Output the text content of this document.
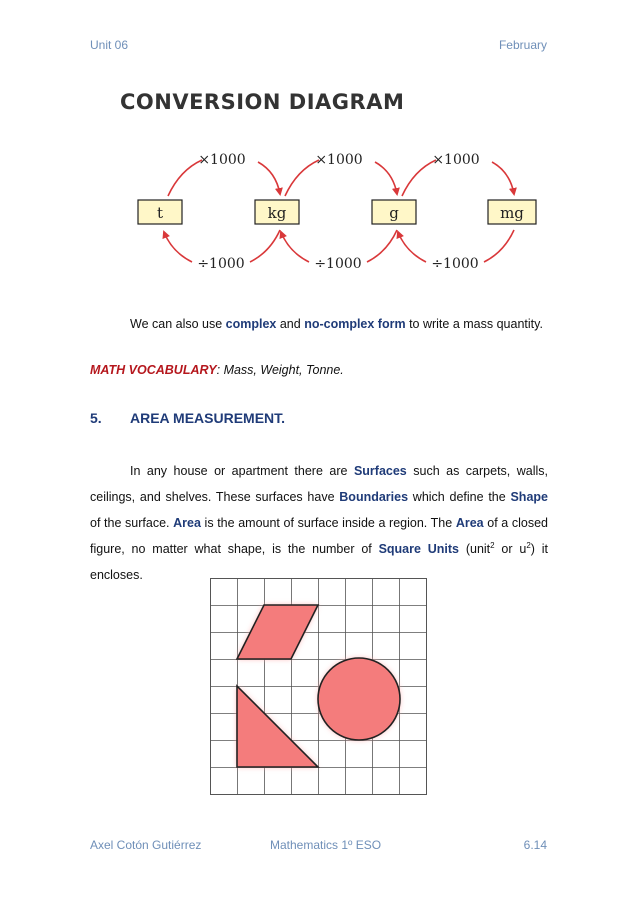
Unit 06	February
CONVERSION DIAGRAM
t	kg	g	mg
×1000	×1000	×1000
÷1000	÷1000	÷1000
We can also use complex and no-complex form to write a mass quantity.
MATH VOCABULARY: Mass, Weight, Tonne.
5. AREA MEASUREMENT.
In any house or apartment there are Surfaces such as carpets, walls, ceilings, and shelves. These surfaces have Boundaries which define the Shape of the surface. Area is the amount of surface inside a region. The Area of a closed figure, no matter what shape, is the number of Square Units (unit$^2$ or $u^2$) it encloses.
Axel Cotón Gutiérrez	Mathematics 1º ESO	6.14
